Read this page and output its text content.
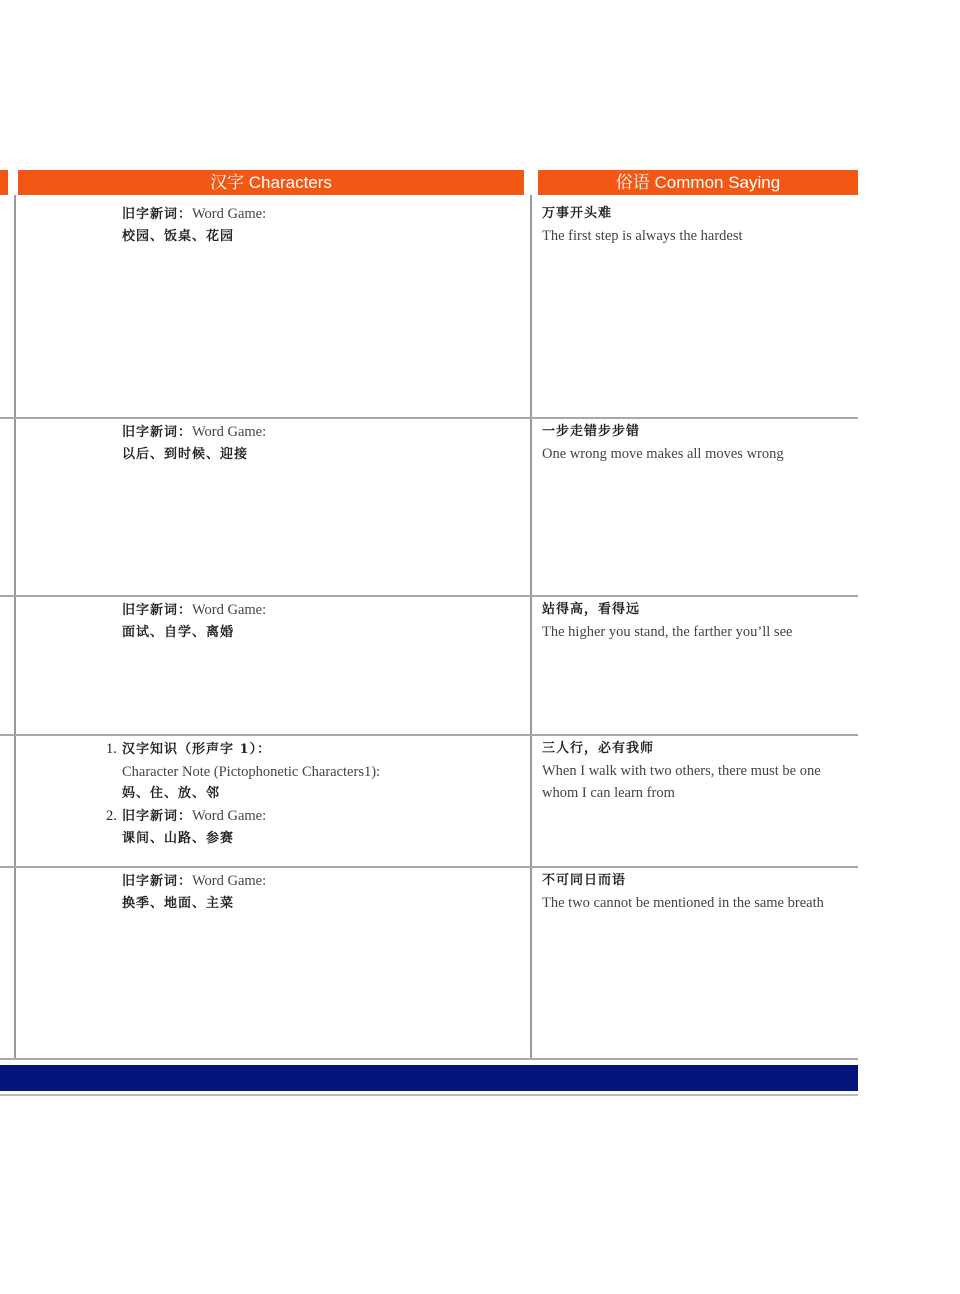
汉字 Characters	俗语 Common Saying
旧字新词：Word Game:
校园、饭桌、花园
万事开头难
The first step is always the hardest
旧字新词：Word Game:
以后、到时候、迎接
一步走错步步错
One wrong move makes all moves wrong
旧字新词：Word Game:
面试、自学、离婚
站得高，看得远
The higher you stand, the farther you’ll see
1. 汉字知识（形声字 1）：
Character Note (Pictophonetic Characters1):
妈、住、放、邻
2. 旧字新词：Word Game:
课间、山路、参赛
三人行，必有我师
When I walk with two others, there must be one whom I can learn from
旧字新词：Word Game:
换季、地面、主菜
不可同日而语
The two cannot be mentioned in the same breath
